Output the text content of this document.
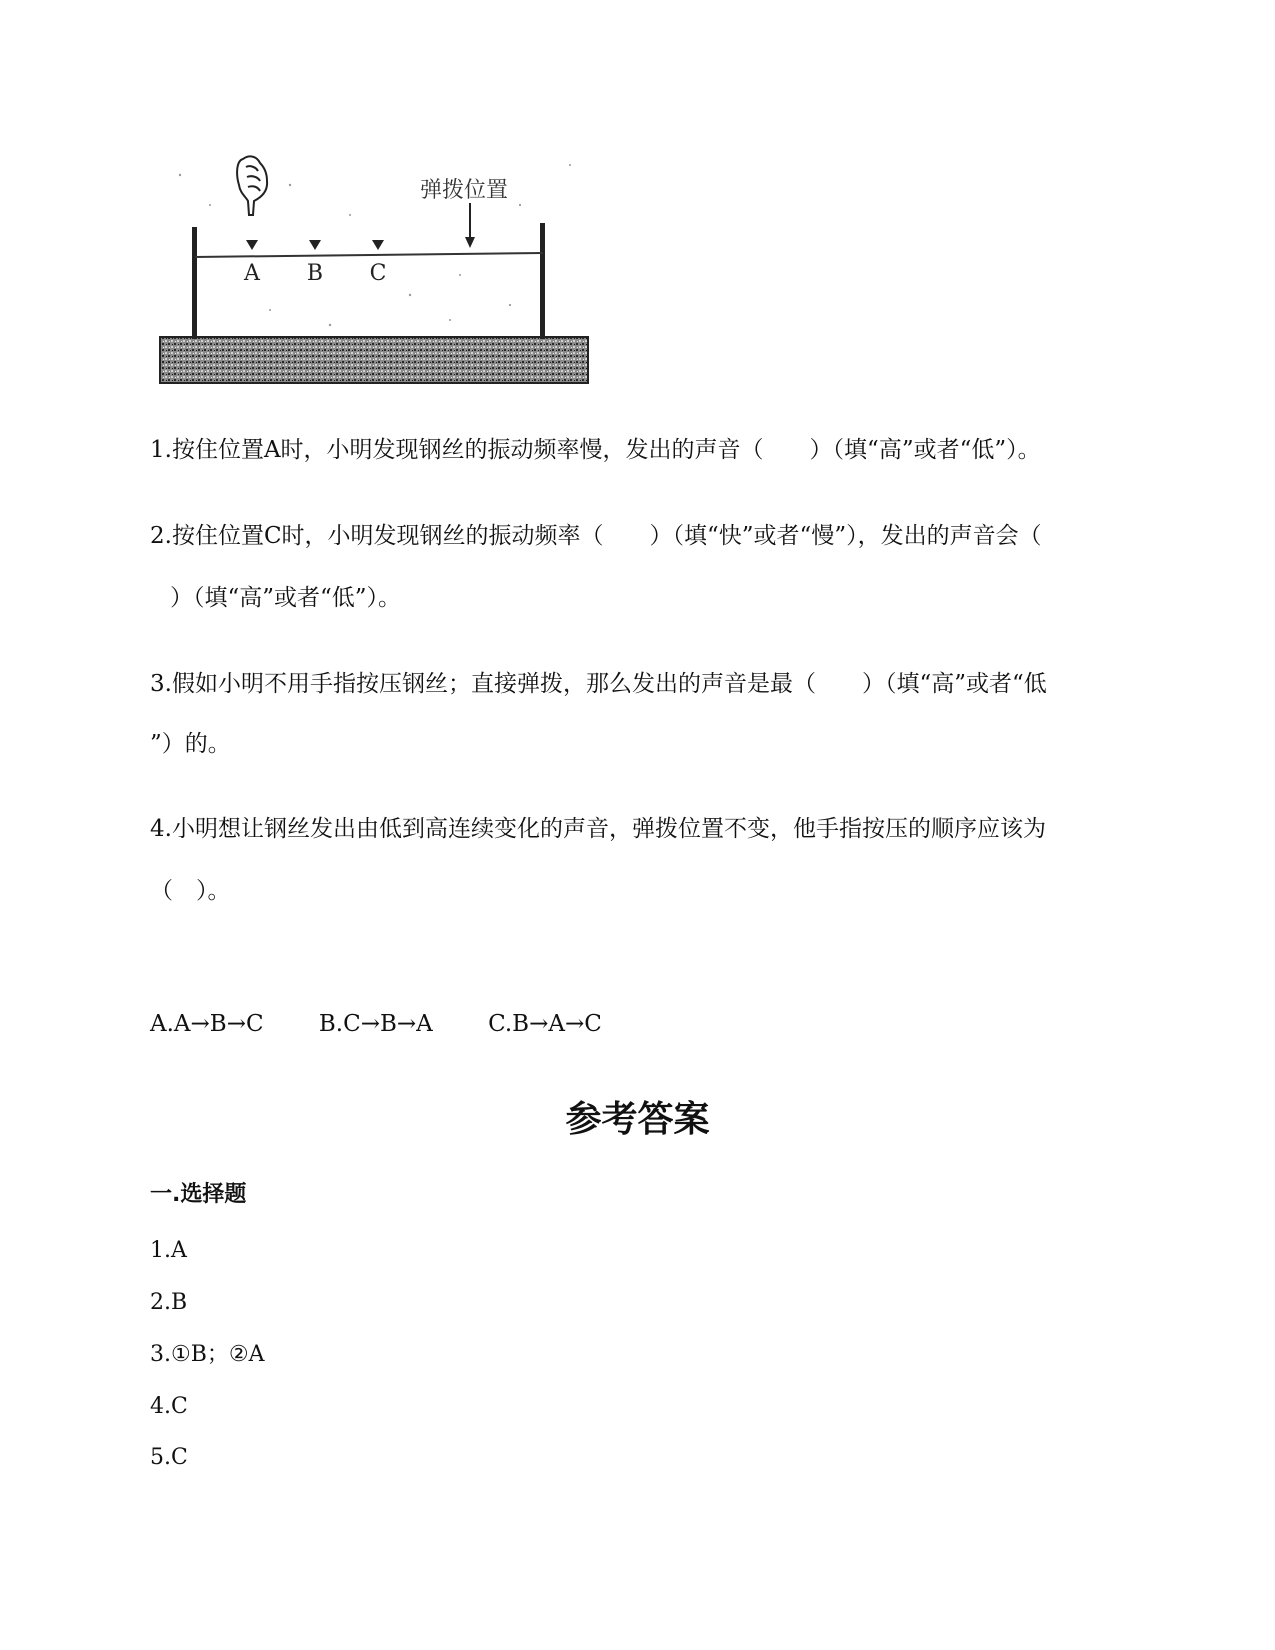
A B C
弹拨位置
1.按住位置A时，小明发现钢丝的振动频率慢，发出的声音（　　）（填“高”或者“低”）。
2.按住位置C时，小明发现钢丝的振动频率（　　）（填“快”或者“慢”），发出的声音会（
）（填“高”或者“低”）。
3.假如小明不用手指按压钢丝；直接弹拨，那么发出的声音是最（　　）（填“高”或者“低
”）的。
4.小明想让钢丝发出由低到高连续变化的声音，弹拨位置不变，他手指按压的顺序应该为
（　）。
A.A→B→C B.C→B→A C.B→A→C
参考答案
一.选择题
1.A
2.B
3.①B；②A
4.C
5.C
